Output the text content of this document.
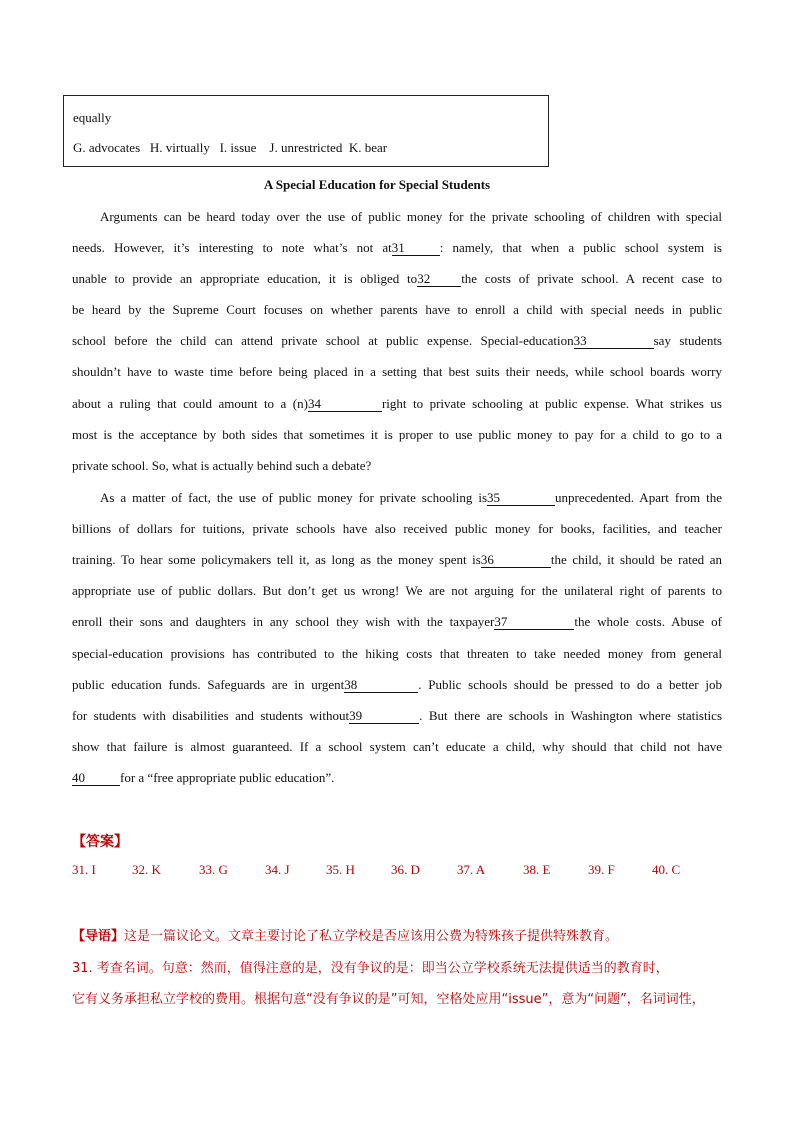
equally
G. advocates   H. virtually   I. issue    J. unrestricted  K. bear
A Special Education for Special Students
Arguments can be heard today over the use of public money for the private schooling of children with special
needs. However, it’s interesting to note what’s not at31	: namely, that when a public school system is
unable to provide an appropriate education, it is obliged to32 the costs of private school. A recent case to
be heard by the Supreme Court focuses on whether parents have to enroll a child with special needs in public
school before the child can attend private school at public expense. Special-education33	say students
shouldn’t have to waste time before being placed in a setting that best suits their needs, while school boards worry
about a ruling that could amount to a (n)34	right to private schooling at public expense. What strikes us
most is the acceptance by both sides that sometimes it is proper to use public money to pay for a child to go to a
private school. So, what is actually behind such a debate?
As a matter of fact, the use of public money for private schooling is35	unprecedented. Apart from the
billions of dollars for tuitions, private schools have also received public money for books, facilities, and teacher
training. To hear some policymakers tell it, as long as the money spent is36	the child, it should be rated an
appropriate use of public dollars. But don’t get us wrong! We are not arguing for the unilateral right of parents to
enroll their sons and daughters in any school they wish with the taxpayer37	the whole costs. Abuse of
special-education provisions has contributed to the hiking costs that threaten to take needed money from general
public education funds. Safeguards are in urgent38	. Public schools should be pressed to do a better job
for students with disabilities and students without39	. But there are schools in Washington where statistics
show that failure is almost guaranteed. If a school system can’t educate a child, why should that child not have
40	for a “free appropriate public education”.
【答案】
31. I	32. K	33. G	34. J	35. H	36. D	37. A	38. E	39. F	40. C
【导语】这是一篇议论文。文章主要讨论了私立学校是否应该用公费为特殊孩子提供特殊教育。
31. 考查名词。句意：然而，值得注意的是，没有争议的是：即当公立学校系统无法提供适当的教育时，
它有义务承担私立学校的费用。根据句意“没有争议的是”可知，空格处应用“issue”，意为“问题”，名词词性，
